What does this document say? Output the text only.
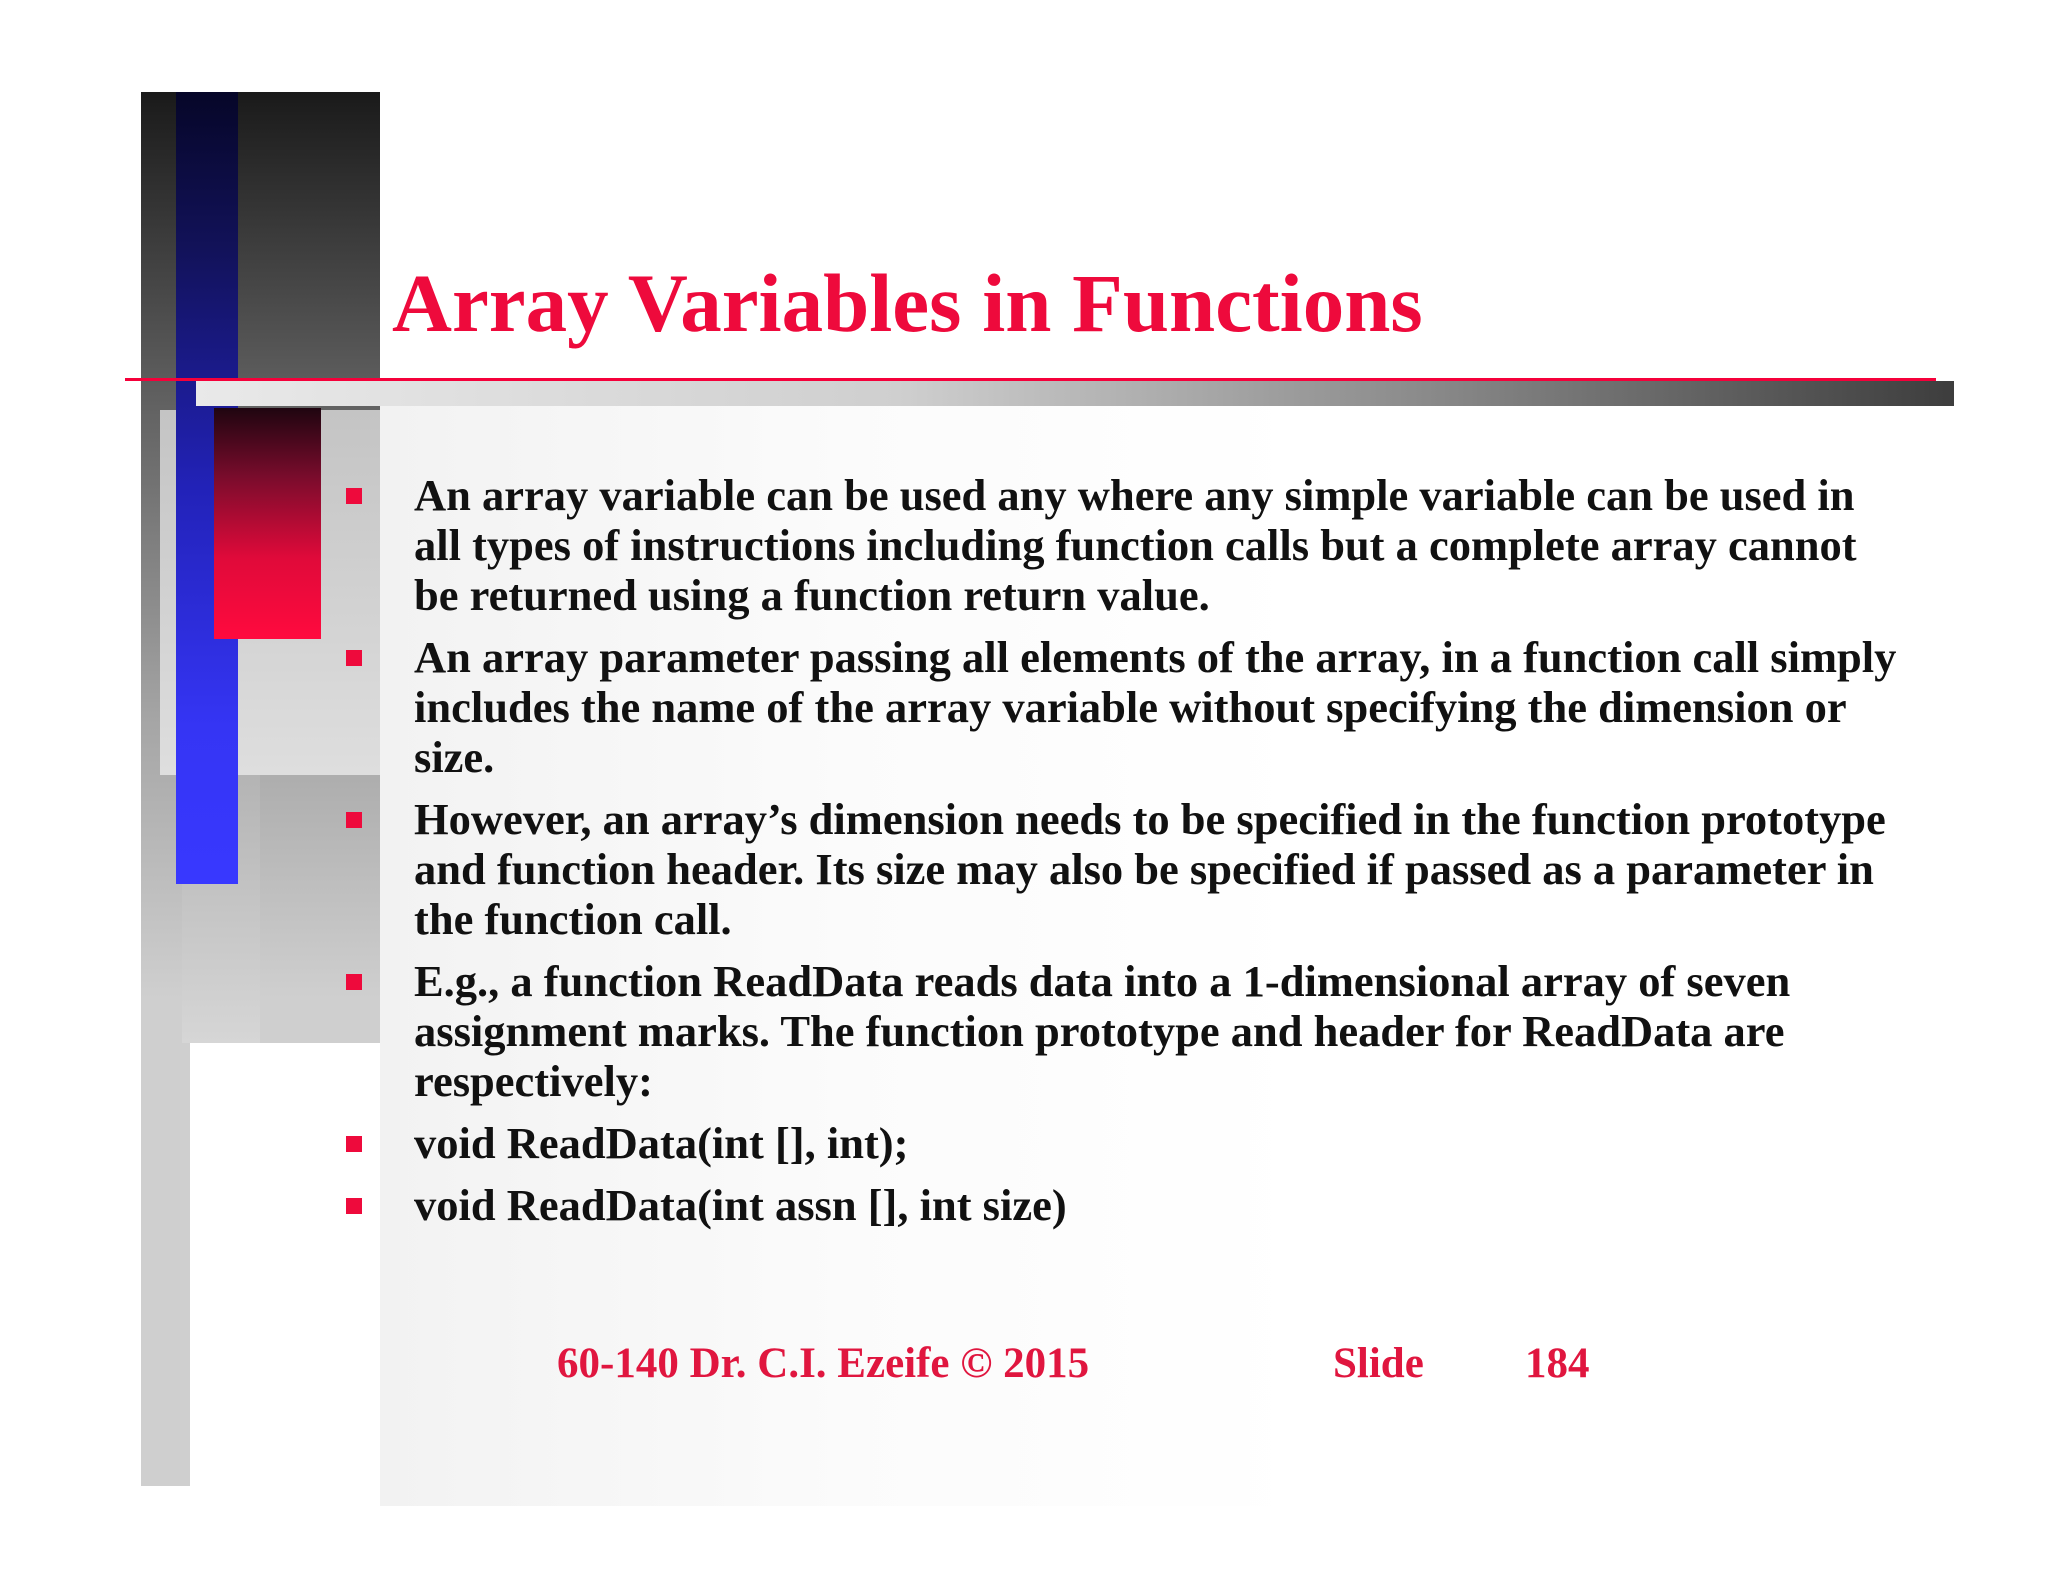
Array Variables in Functions
An array variable can be used any where any simple variable can be used in all types of instructions including function calls but a complete array cannot be returned using a function return value.
An array parameter passing all elements of the array, in a function call simply includes the name of the array variable without specifying the dimension or size.
However, an array’s dimension needs to be specified in the function prototype and function header. Its size may also be specified if passed as a parameter in the function call.
E.g., a function ReadData reads data into a 1-dimensional array of seven assignment marks. The function prototype and header for ReadData are respectively:
void ReadData(int [], int);
void ReadData(int assn [], int size)
60-140 Dr. C.I. Ezeife © 2015	Slide 184
